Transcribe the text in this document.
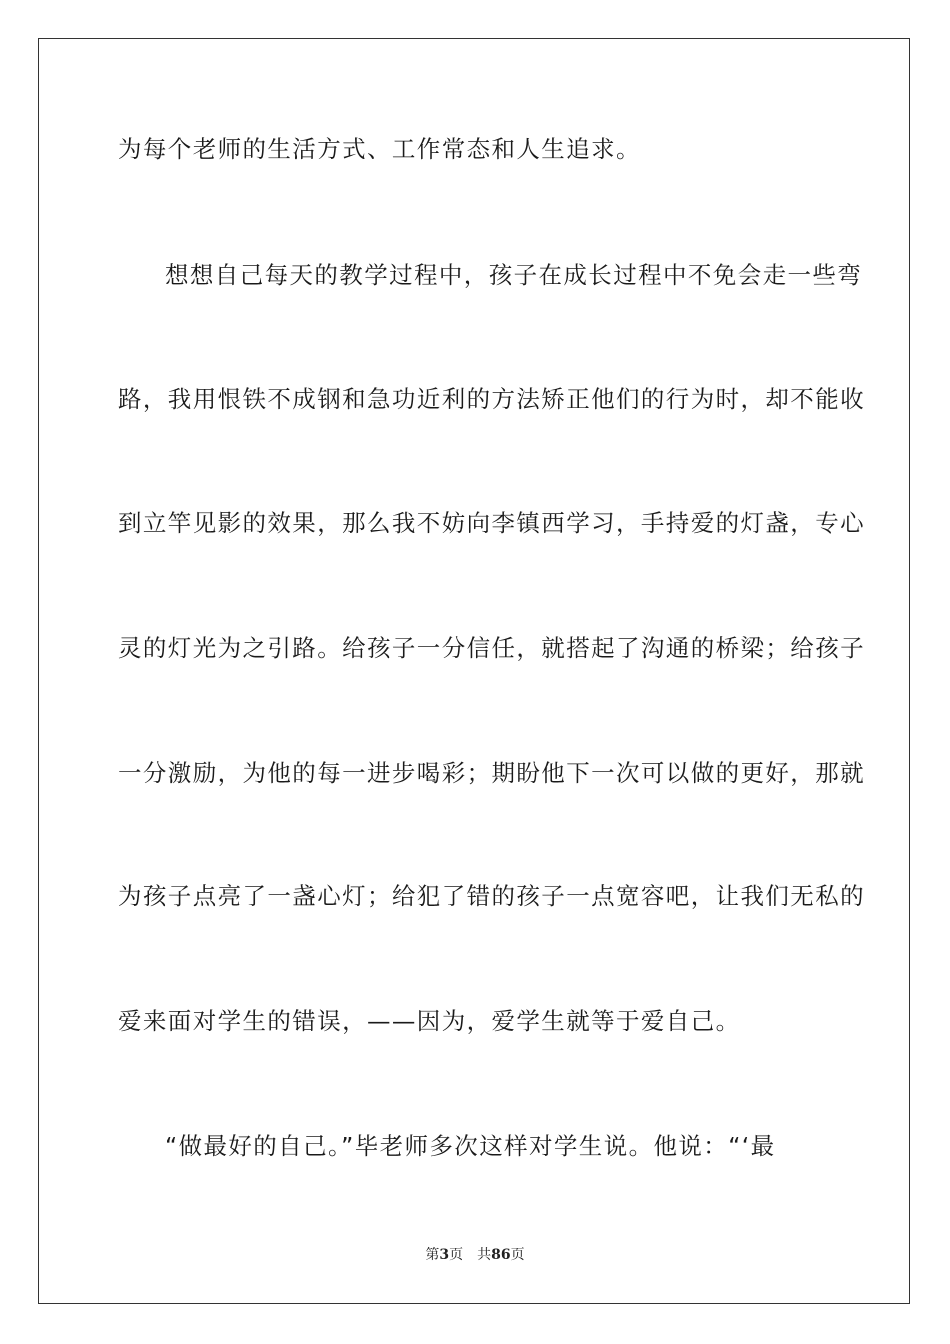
为每个老师的生活方式、工作常态和人生追求。
想想自己每天的教学过程中，孩子在成长过程中不免会走一些弯
路，我用恨铁不成钢和急功近利的方法矫正他们的行为时，却不能收
到立竿见影的效果，那么我不妨向李镇西学习，手持爱的灯盏，专心
灵的灯光为之引路。给孩子一分信任，就搭起了沟通的桥梁；给孩子
一分激励，为他的每一进步喝彩；期盼他下一次可以做的更好，那就
为孩子点亮了一盏心灯；给犯了错的孩子一点宽容吧，让我们无私的
爱来面对学生的错误，——因为，爱学生就等于爱自己。
“做最好的自己。”毕老师多次这样对学生说。他说：“‘最
第3页 共86页
